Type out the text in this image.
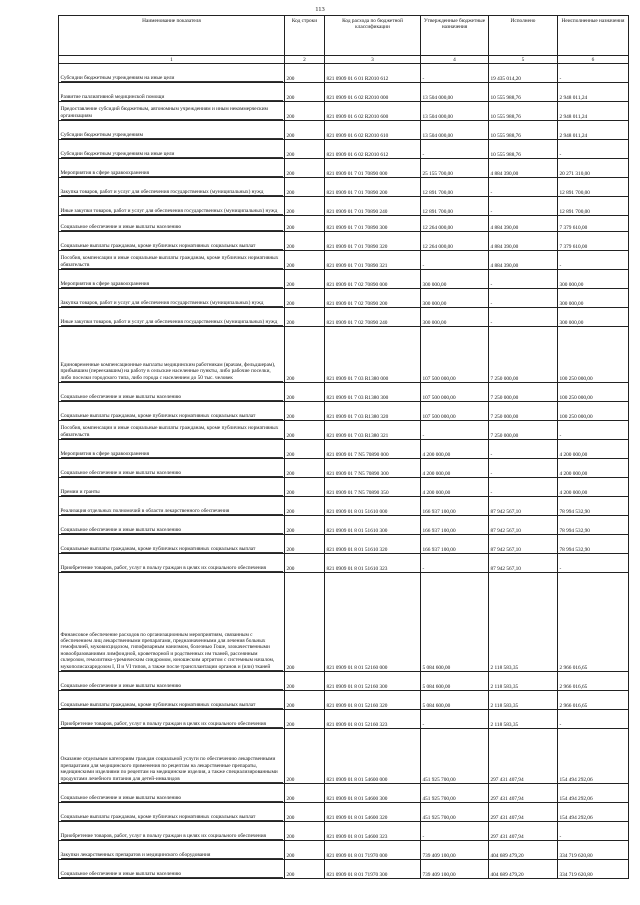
113
Наименование показателя	Код строки	Код расхода по бюджетной классификации	Утвержденные бюджетные назначения	Исполнено	Неисполненные назначения
1	2	3	4	5	6

Субсидии бюджетным учреждениям на иные цели	200	821 0909 01 6 01 R2010 612	-	19 435 014,20	-

Развитие паллиативной медицинской помощи	200	821 0909 01 6 02 R2010 000	13 504 000,00	10 555 988,76	2 948 011,24

Предоставление субсидий бюджетным, автономным учреждениям и иным некоммерческим организациям	200	821 0909 01 6 02 R2010 600	13 504 000,00	10 555 988,76	2 948 011,24

Субсидии бюджетным учреждениям	200	821 0909 01 6 02 R2010 610	13 504 000,00	10 555 988,76	2 948 011,24

Субсидии бюджетным учреждениям на иные цели	200	821 0909 01 6 02 R2010 612	-	10 555 988,76	-

Мероприятия в сфере здравоохранения	200	821 0909 01 7 01 70890 000	25 155 700,00	4 884 390,00	20 271 310,00

Закупка товаров, работ и услуг для обеспечения государственных (муниципальных) нужд	200	821 0909 01 7 01 70890 200	12 891 700,00	-	12 891 700,00

Иные закупки товаров, работ и услуг для обеспечения государственных (муниципальных) нужд	200	821 0909 01 7 01 70890 240	12 891 700,00	-	12 891 700,00

Социальное обеспечение и иные выплаты населению	200	821 0909 01 7 01 70890 300	12 264 000,00	4 884 390,00	7 379 610,00

Социальные выплаты гражданам, кроме публичных нормативных социальных выплат	200	821 0909 01 7 01 70890 320	12 264 000,00	4 884 390,00	7 379 610,00

Пособия, компенсации и иные социальные выплаты гражданам, кроме публичных нормативных обязательств	200	821 0909 01 7 01 70890 321	-	4 884 390,00	-

Мероприятия в сфере здравоохранения	200	821 0909 01 7 02 70890 000	300 000,00	-	300 000,00

Закупка товаров, работ и услуг для обеспечения государственных (муниципальных) нужд	200	821 0909 01 7 02 70890 200	300 000,00	-	300 000,00

Иные закупки товаров, работ и услуг для обеспечения государственных (муниципальных) нужд	200	821 0909 01 7 02 70890 240	300 000,00	-	300 000,00

Единовременные компенсационные выплаты медицинским работникам (врачам, фельдшерам), прибывшим (переехавшим) на работу в сельские населенные пункты, либо рабочие поселки, либо поселки городского типа, либо города с населением до 50 тыс. человек	200	821 0909 01 7 03 R1380 000	107 500 000,00	7 250 000,00	100 250 000,00

Социальное обеспечение и иные выплаты населению	200	821 0909 01 7 03 R1380 300	107 500 000,00	7 250 000,00	100 250 000,00

Социальные выплаты гражданам, кроме публичных нормативных социальных выплат	200	821 0909 01 7 03 R1380 320	107 500 000,00	7 250 000,00	100 250 000,00

Пособия, компенсации и иные социальные выплаты гражданам, кроме публичных нормативных обязательств	200	821 0909 01 7 03 R1380 321	-	7 250 000,00	-

Мероприятия в сфере здравоохранения	200	821 0909 01 7 N5 70890 000	4 200 000,00	-	4 200 000,00

Социальное обеспечение и иные выплаты населению	200	821 0909 01 7 N5 70890 300	4 200 000,00	-	4 200 000,00

Премии и гранты	200	821 0909 01 7 N5 70890 350	4 200 000,00	-	4 200 000,00

Реализация отдельных полномочий в области лекарственного обеспечения	200	821 0909 01 8 01 51610 000	166 937 100,00	87 942 567,10	78 994 532,90

Социальное обеспечение и иные выплаты населению	200	821 0909 01 8 01 51610 300	166 937 100,00	87 942 567,10	78 994 532,90

Социальные выплаты гражданам, кроме публичных нормативных социальных выплат	200	821 0909 01 8 01 51610 320	166 937 100,00	87 942 567,10	78 994 532,90

Приобретение товаров, работ, услуг в пользу граждан в целях их социального обеспечения	200	821 0909 01 8 01 51610 323	-	87 942 567,10	-

Финансовое обеспечение расходов по организационным мероприятиям, связанным с обеспечением лиц лекарственными препаратами, предназначенными для лечения больных гемофилией, муковисцидозом, гипофизарным нанизмом, болезнью Гоше, злокачественными новообразованиями лимфоидной, кроветворной и родственных им тканей, рассеянным склерозом, гемолитико-уремическим синдромом, юношеским артритом с системным началом, мукополисахаридозом I, II и VI типов, а также после трансплантации органов и (или) тканей	200	821 0909 01 8 01 52160 000	5 084 600,00	2 118 583,35	2 966 016,65

Социальное обеспечение и иные выплаты населению	200	821 0909 01 8 01 52160 300	5 084 600,00	2 118 583,35	2 966 016,65

Социальные выплаты гражданам, кроме публичных нормативных социальных выплат	200	821 0909 01 8 01 52160 320	5 084 600,00	2 118 583,35	2 966 016,65

Приобретение товаров, работ, услуг в пользу граждан в целях их социального обеспечения	200	821 0909 01 8 01 52160 323	-	2 118 583,35	-

Оказание отдельным категориям граждан социальной услуги по обеспечению лекарственными препаратами для медицинского применения по рецептам на лекарственные препараты, медицинскими изделиями по рецептам на медицинские изделия, а также специализированными продуктами лечебного питания для детей-инвалидов	200	821 0909 01 8 01 54600 000	451 925 700,00	297 431 407,94	154 494 292,06

Социальное обеспечение и иные выплаты населению	200	821 0909 01 8 01 54600 300	451 925 700,00	297 431 407,94	154 494 292,06

Социальные выплаты гражданам, кроме публичных нормативных социальных выплат	200	821 0909 01 8 01 54600 320	451 925 700,00	297 431 407,94	154 494 292,06

Приобретение товаров, работ, услуг в пользу граждан в целях их социального обеспечения	200	821 0909 01 8 01 54600 323	-	297 431 407,94	-

Закупки лекарственных препаратов и медицинского оборудования	200	821 0909 01 8 01 71970 000	739 409 100,00	404 689 479,20	334 719 620,80

Социальное обеспечение и иные выплаты населению	200	821 0909 01 8 01 71970 300	739 409 100,00	404 689 479,20	334 719 620,80
